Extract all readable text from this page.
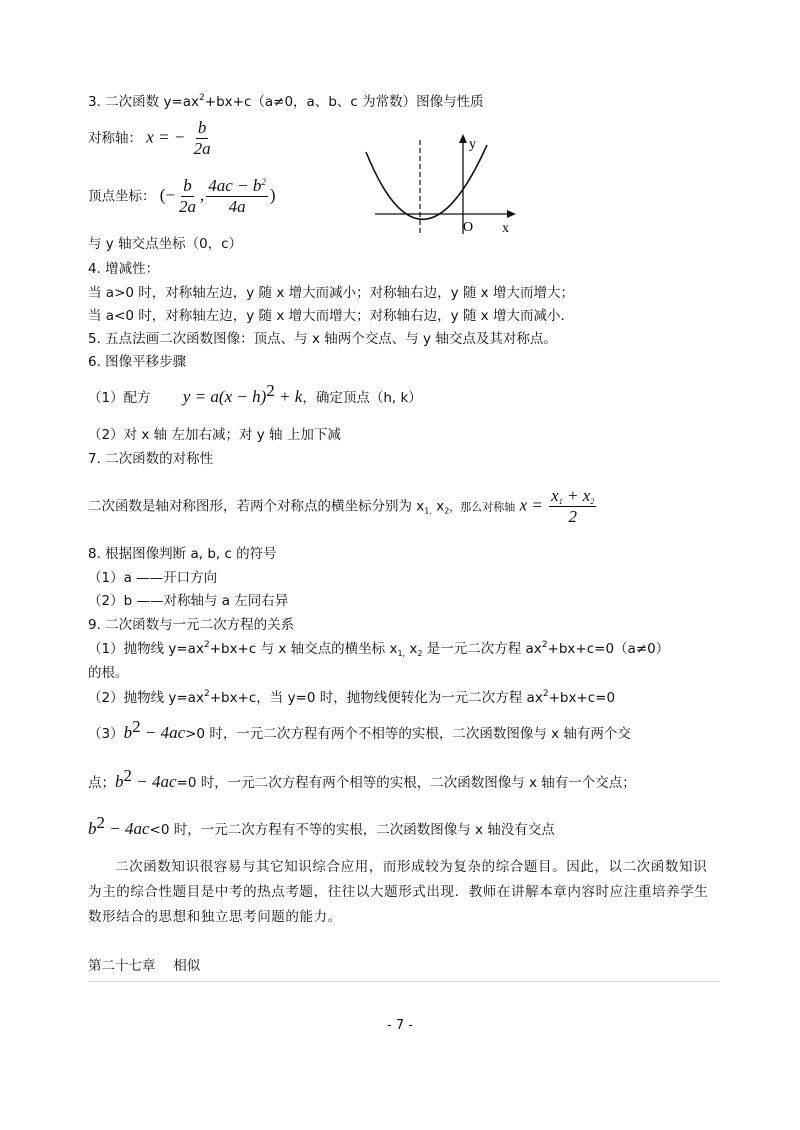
3. 二次函数 $y=ax^2+bx+c(a\ne 0$，a、b、c 为常数）图像与性质
对称轴： x = − $\frac{b}{2a}$
顶点坐标： (− $\frac{b}{2a}$ , $\frac{4ac - b^2}{4a}$ )
与 y 轴交点坐标（0，c）
y
O x
4. 增减性：
当 a>0 时，对称轴左边，y 随 x 增大而减小；对称轴右边，y 随 x 增大而增大；
当 a<0 时，对称轴左边，y 随 x 增大而增大；对称轴右边，y 随 x 增大而减小.
5. 五点法画二次函数图像：顶点、与 x 轴两个交点、与 y 轴交点及其对称点。
6. 图像平移步骤
（1）配方 $y = a(x - h)^2 + k$，确定顶点（h, k）
（2）对 x 轴 左加右减；对 y 轴 上加下减
7. 二次函数的对称性
二次函数是轴对称图形，若两个对称点的横坐标分别为 $x_{1,}$ $x_2$，那么对称轴 $x = \frac{x_1 + x_2}{2}$
8. 根据图像判断 a, b, c 的符号
（1）a ——开口方向
（2）b ——对称轴与 a 左同右异
9. 二次函数与一元二次方程的关系
（1）抛物线 $y=ax^2+bx+c$ 与 x 轴交点的横坐标 $x_{1,}$ $x_2$ 是一元二次方程 $ax^2+bx+c=0(a\ne 0)$
的根。
（2）抛物线 $y=ax^2+bx+c$，当 y=0 时，抛物线便转化为一元二次方程 $ax^2+bx+c=0$
$(3)b^2 - 4ac>0$ 时，一元二次方程有两个不相等的实根，二次函数图像与 x 轴有两个交
点；$b^2 - 4ac=0$ 时，一元二次方程有两个相等的实根，二次函数图像与 x 轴有一个交点；
$b^2 - 4ac<0$ 时，一元二次方程有不等的实根，二次函数图像与 x 轴没有交点
二次函数知识很容易与其它知识综合应用，而形成较为复杂的综合题目。因此，以二次函数知识为主的综合性题目是中考的热点考题，往往以大题形式出现．教师在讲解本章内容时应注重培养学生数形结合的思想和独立思考问题的能力。
第二十七章　 相似
- 7 -
